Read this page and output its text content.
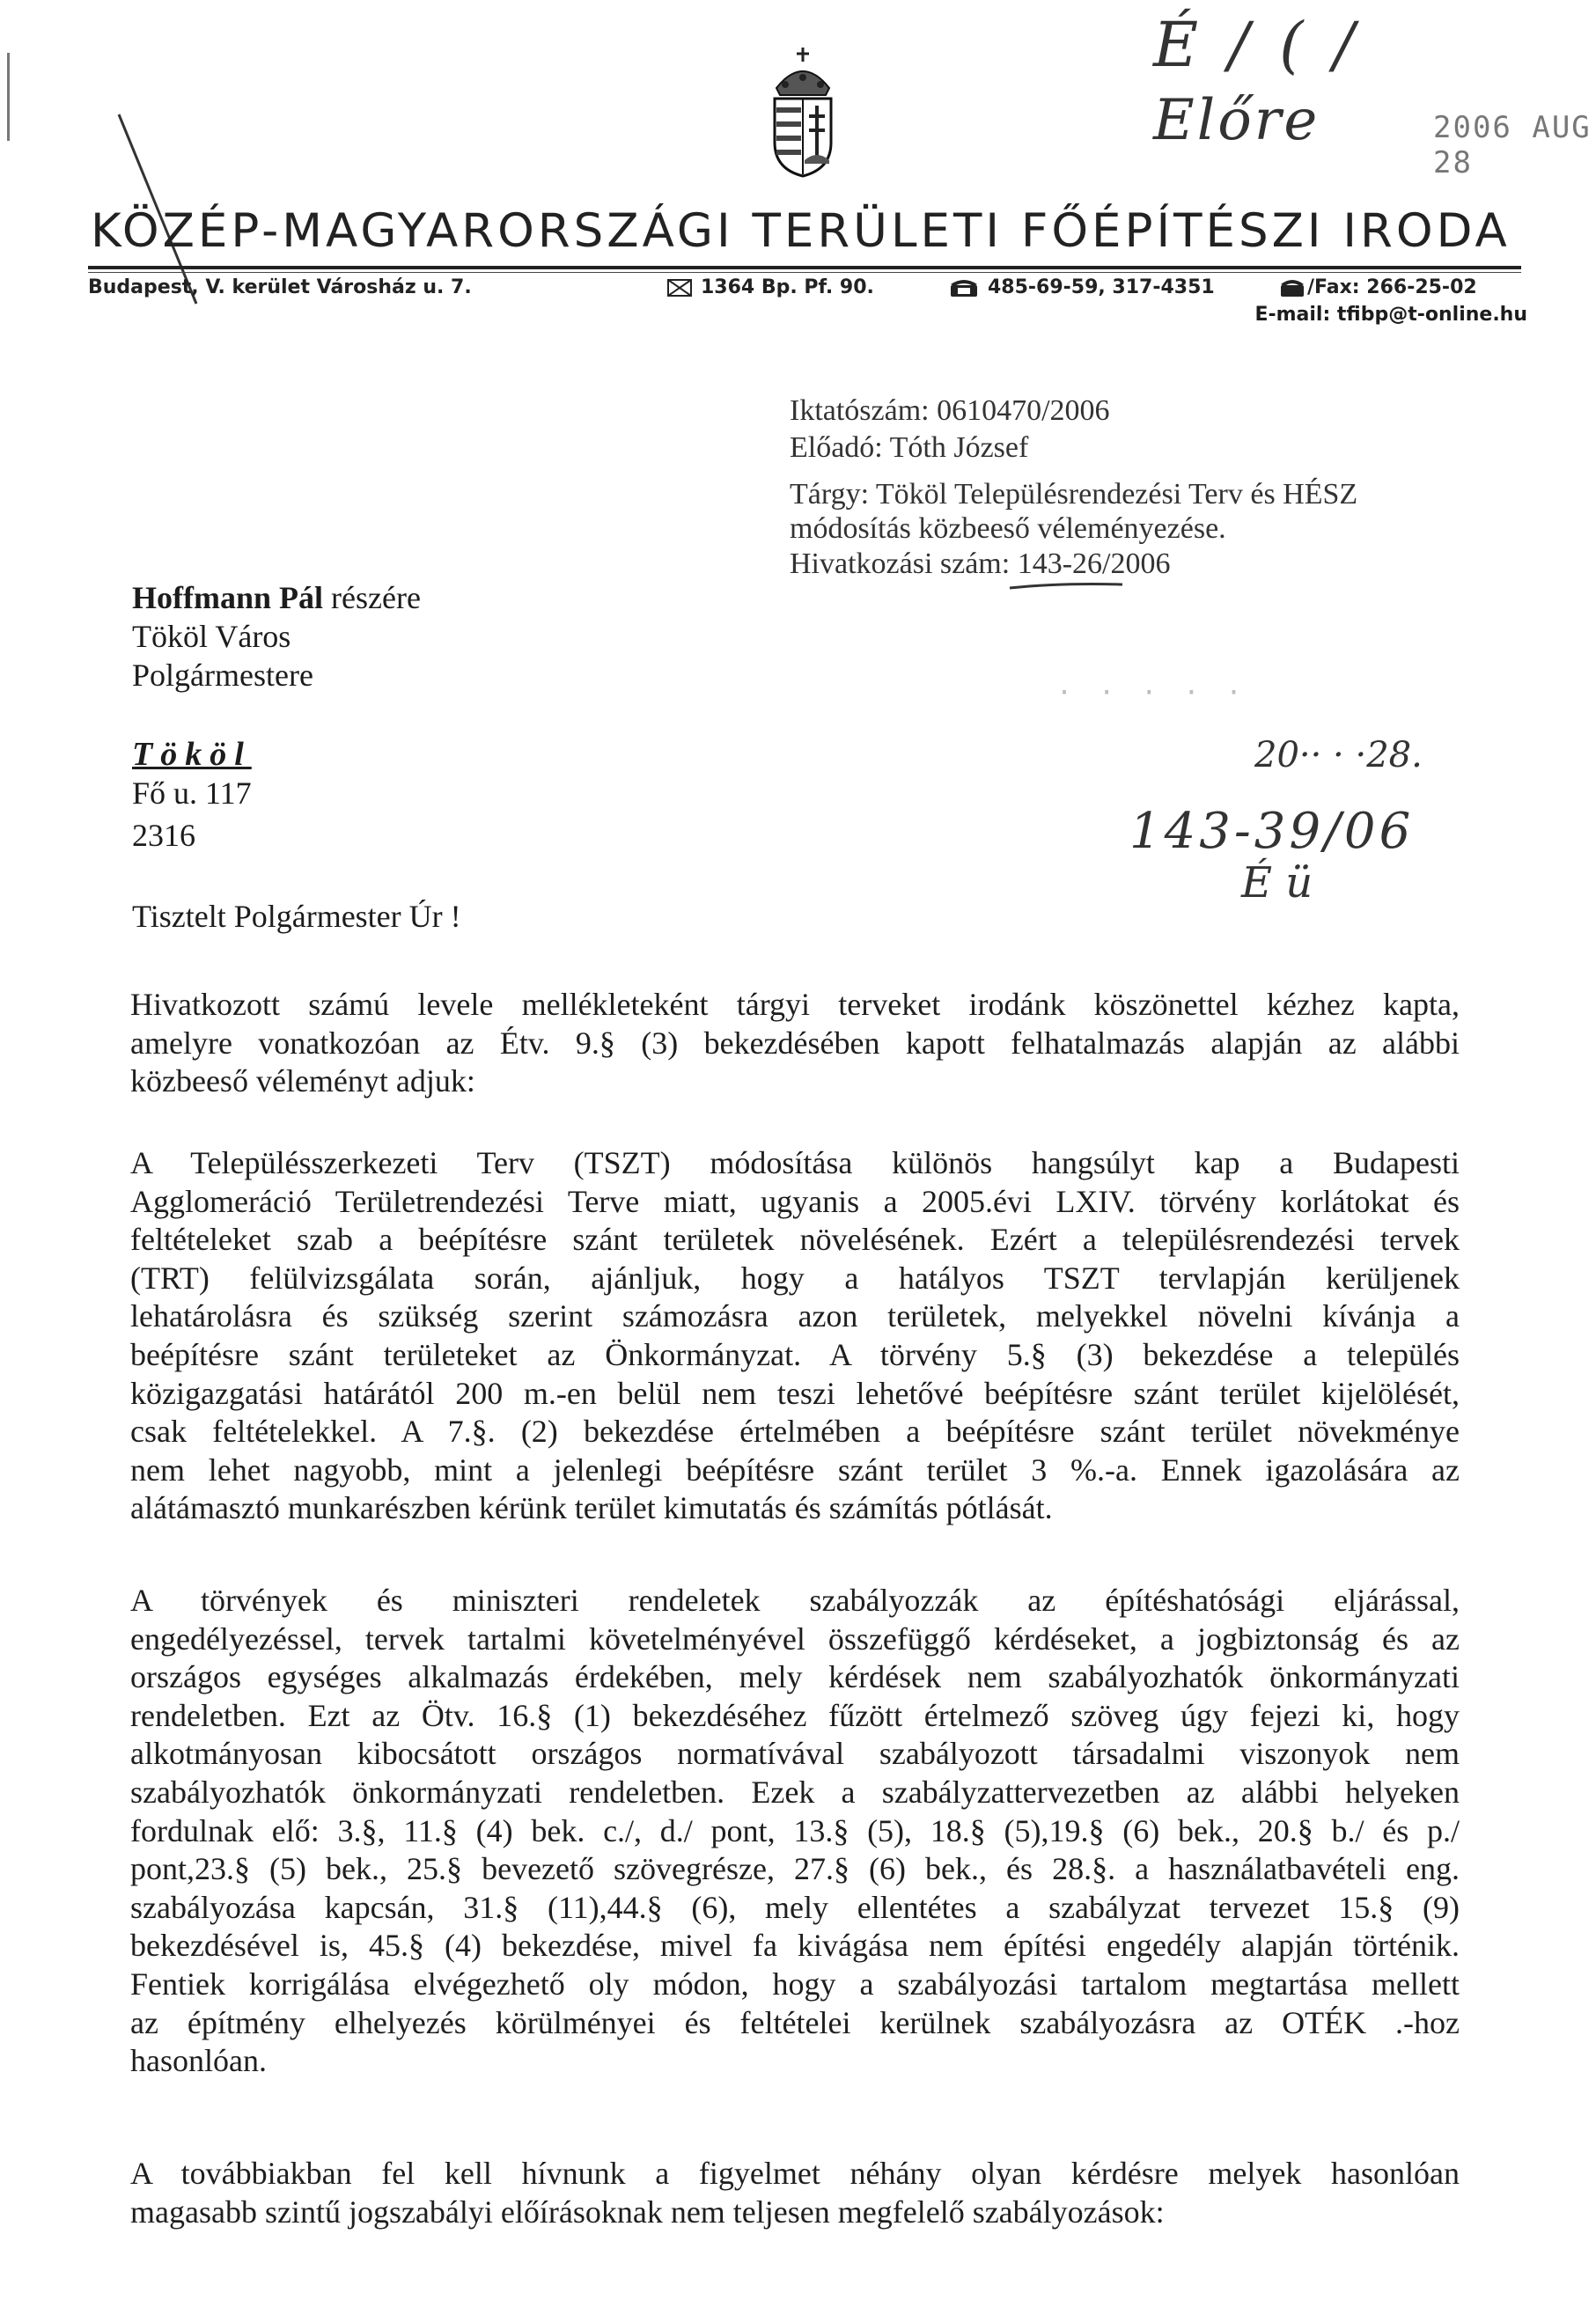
É / ( /
Előre	2006 AUG 28
KÖZÉP-MAGYARORSZÁGI TERÜLETI FŐÉPÍTÉSZI IRODA
Budapest, V. kerület Városház u. 7.	1364 Bp. Pf. 90.	485-69-59, 317-4351	/Fax: 266-25-02
E-mail: tfibp@t-online.hu
Iktatószám: 0610470/2006
Előadó: Tóth József
Tárgy: Tököl Településrendezési Terv és HÉSZ
módosítás közbeeső véleményezése.
Hivatkozási szám: 143-26/2006
Hoffmann Pál részére
Tököl Város
Polgármestere
Tököl
Fő u. 117
2316
· · · · ·
20·· · ·28.
143-39/06
É ü
Tisztelt Polgármester Úr !
Hivatkozott számú levele mellékleteként tárgyi terveket irodánk köszönettel kézhez kapta,
amelyre vonatkozóan az Étv. 9.§ (3) bekezdésében kapott felhatalmazás alapján az alábbi
közbeeső véleményt adjuk:
A Településszerkezeti Terv (TSZT) módosítása különös hangsúlyt kap a Budapesti
Agglomeráció Területrendezési Terve miatt, ugyanis a 2005.évi LXIV. törvény korlátokat és
feltételeket szab a beépítésre szánt területek növelésének. Ezért a településrendezési tervek
(TRT) felülvizsgálata során, ajánljuk, hogy a hatályos TSZT tervlapján kerüljenek
lehatárolásra és szükség szerint számozásra azon területek, melyekkel növelni kívánja a
beépítésre szánt területeket az Önkormányzat. A törvény 5.§ (3) bekezdése a település
közigazgatási határától 200 m.-en belül nem teszi lehetővé beépítésre szánt terület kijelölését,
csak feltételekkel. A 7.§. (2) bekezdése értelmében a beépítésre szánt terület növekménye
nem lehet nagyobb, mint a jelenlegi beépítésre szánt terület 3 %.-a. Ennek igazolására az
alátámasztó munkarészben kérünk terület kimutatás és számítás pótlását.
A törvények és miniszteri rendeletek szabályozzák az építéshatósági eljárással,
engedélyezéssel, tervek tartalmi követelményével összefüggő kérdéseket, a jogbiztonság és az
országos egységes alkalmazás érdekében, mely kérdések nem szabályozhatók önkormányzati
rendeletben. Ezt az Ötv. 16.§ (1) bekezdéséhez fűzött értelmező szöveg úgy fejezi ki, hogy
alkotmányosan kibocsátott országos normatívával szabályozott társadalmi viszonyok nem
szabályozhatók önkormányzati rendeletben. Ezek a szabályzattervezetben az alábbi helyeken
fordulnak elő: 3.§, 11.§ (4) bek. c./, d./ pont, 13.§ (5), 18.§ (5),19.§ (6) bek., 20.§ b./ és p./
pont,23.§ (5) bek., 25.§ bevezető szövegrésze, 27.§ (6) bek., és 28.§. a használatbavételi eng.
szabályozása kapcsán, 31.§ (11),44.§ (6), mely ellentétes a szabályzat tervezet 15.§ (9)
bekezdésével is, 45.§ (4) bekezdése, mivel fa kivágása nem építési engedély alapján történik.
Fentiek korrigálása elvégezhető oly módon, hogy a szabályozási tartalom megtartása mellett
az építmény elhelyezés körülményei és feltételei kerülnek szabályozásra az OTÉK .-hoz
hasonlóan.
A továbbiakban fel kell hívnunk a figyelmet néhány olyan kérdésre melyek hasonlóan
magasabb szintű jogszabályi előírásoknak nem teljesen megfelelő szabályozások:
